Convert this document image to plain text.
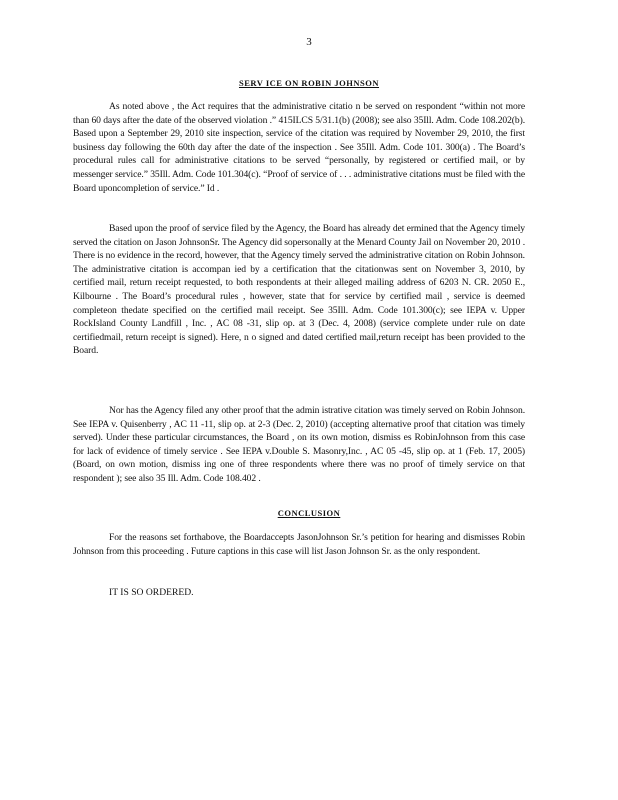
3
SERV ICE ON ROBIN JOHNSON
As noted above , the Act requires that the administrative citatio n be served on respondent “within not more than 60 days after the date of the observed violation .” 415ILCS 5/31.1(b) (2008); see also 35Ill. Adm. Code 108.202(b). Based upon a September 29, 2010 site inspection, service of the citation was required by November 29, 2010, the first business day following the 60th day after the date of the inspection . See 35Ill. Adm. Code 101. 300(a) . The Board’s procedural rules call for administrative citations to be served “personally, by registered or certified mail, or by messenger service.” 35Ill. Adm. Code 101.304(c). “Proof of service of . . . administrative citations must be filed with the Board uponcompletion of service.” Id .
Based upon the proof of service filed by the Agency, the Board has already det ermined that the Agency timely served the citation on Jason JohnsonSr. The Agency did sopersonally at the Menard County Jail on November 20, 2010 . There is no evidence in the record, however, that the Agency timely served the administrative citation on Robin Johnson. The administrative citation is accompan ied by a certification that the citationwas sent on November 3, 2010, by certified mail, return receipt requested, to both respondents at their alleged mailing address of 6203 N. CR. 2050 E., Kilbourne . The Board’s procedural rules , however, state that for service by certified mail , service is deemed completeon thedate specified on the certified mail receipt. See 35Ill. Adm. Code 101.300(c); see IEPA v. Upper RockIsland County Landfill , Inc. , AC 08 -31, slip op. at 3 (Dec. 4, 2008) (service complete under rule on date certifiedmail, return receipt is signed). Here, n o signed and dated certified mail,return receipt has been provided to the Board.
Nor has the Agency filed any other proof that the admin istrative citation was timely served on Robin Johnson. See IEPA v. Quisenberry , AC 11 -11, slip op. at 2-3 (Dec. 2, 2010) (accepting alternative proof that citation was timely served). Under these particular circumstances, the Board , on its own motion, dismiss es RobinJohnson from this case for lack of evidence of timely service . See IEPA v.Double S. Masonry,Inc. , AC 05 -45, slip op. at 1 (Feb. 17, 2005) (Board, on own motion, dismiss ing one of three respondents where there was no proof of timely service on that respondent ); see also 35 Ill. Adm. Code 108.402 .
CONCLUSION
For the reasons set forthabove, the Boardaccepts JasonJohnson Sr.’s petition for hearing and dismisses Robin Johnson from this proceeding . Future captions in this case will list Jason Johnson Sr. as the only respondent.
IT IS SO ORDERED.
